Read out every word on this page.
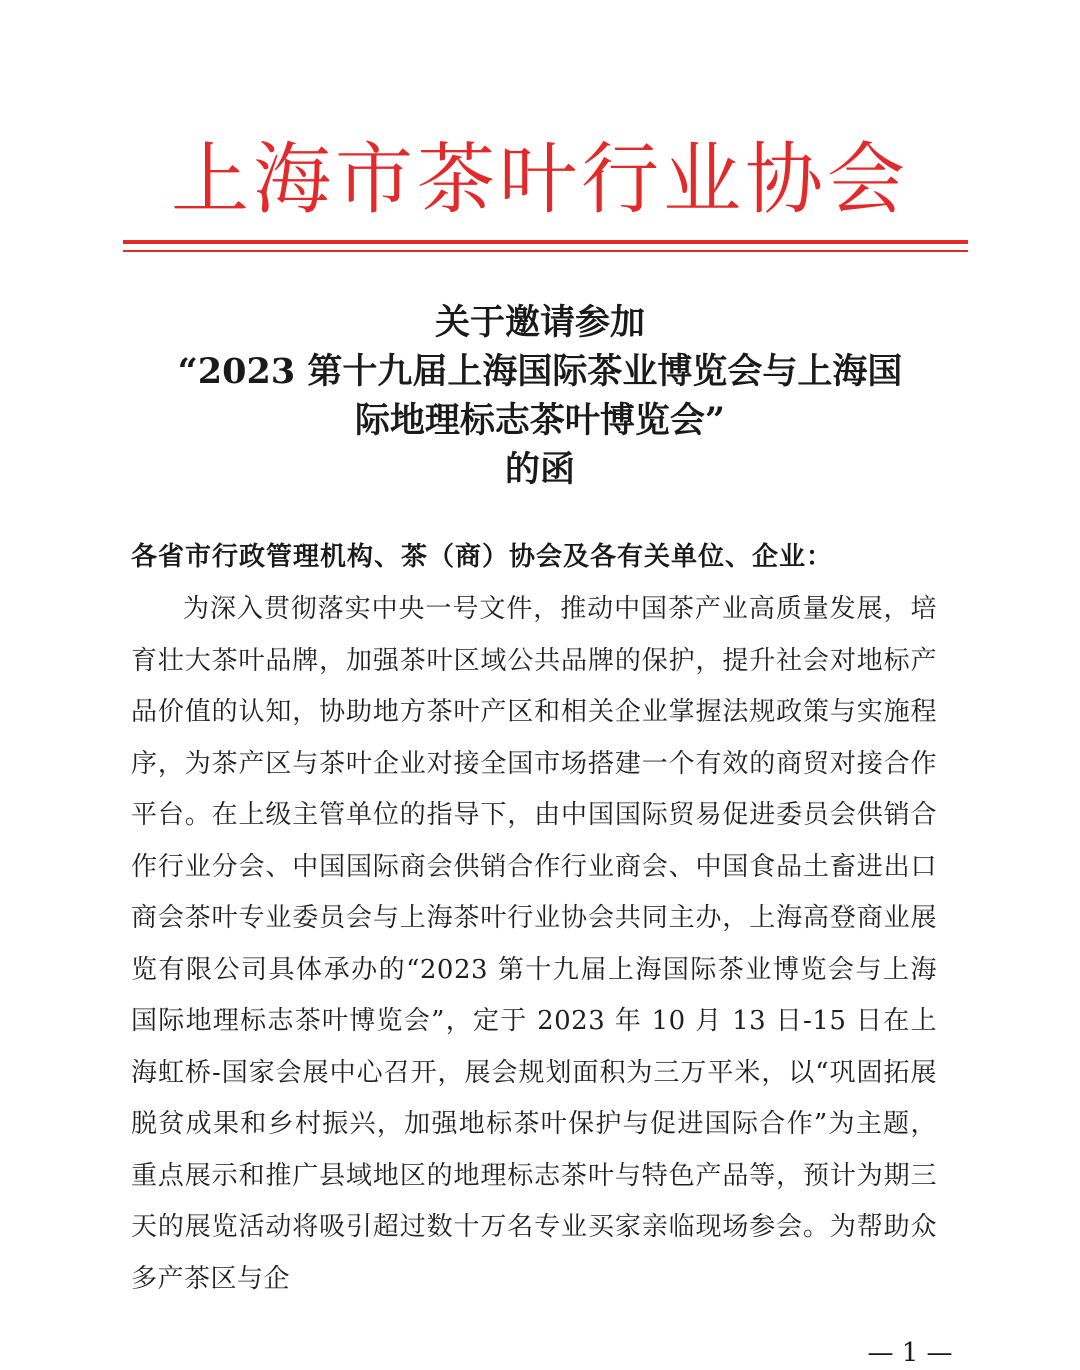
上海市茶叶行业协会
关于邀请参加
“2023 第十九届上海国际茶业博览会与上海国
际地理标志茶叶博览会”
的函
各省市行政管理机构、茶（商）协会及各有关单位、企业：
为深入贯彻落实中央一号文件，推动中国茶产业高质量发展，培育壮大茶叶品牌，加强茶叶区域公共品牌的保护，提升社会对地标产品价值的认知，协助地方茶叶产区和相关企业掌握法规政策与实施程序，为茶产区与茶叶企业对接全国市场搭建一个有效的商贸对接合作平台。在上级主管单位的指导下，由中国国际贸易促进委员会供销合作行业分会、中国国际商会供销合作行业商会、中国食品土畜进出口商会茶叶专业委员会与上海茶叶行业协会共同主办，上海高登商业展览有限公司具体承办的“2023 第十九届上海国际茶业博览会与上海国际地理标志茶叶博览会”，定于 2023 年 10 月 13 日-15 日在上海虹桥-国家会展中心召开，展会规划面积为三万平米，以“巩固拓展脱贫成果和乡村振兴，加强地标茶叶保护与促进国际合作”为主题，重点展示和推广县域地区的地理标志茶叶与特色产品等，预计为期三天的展览活动将吸引超过数十万名专业买家亲临现场参会。为帮助众多产茶区与企
— 1 —
